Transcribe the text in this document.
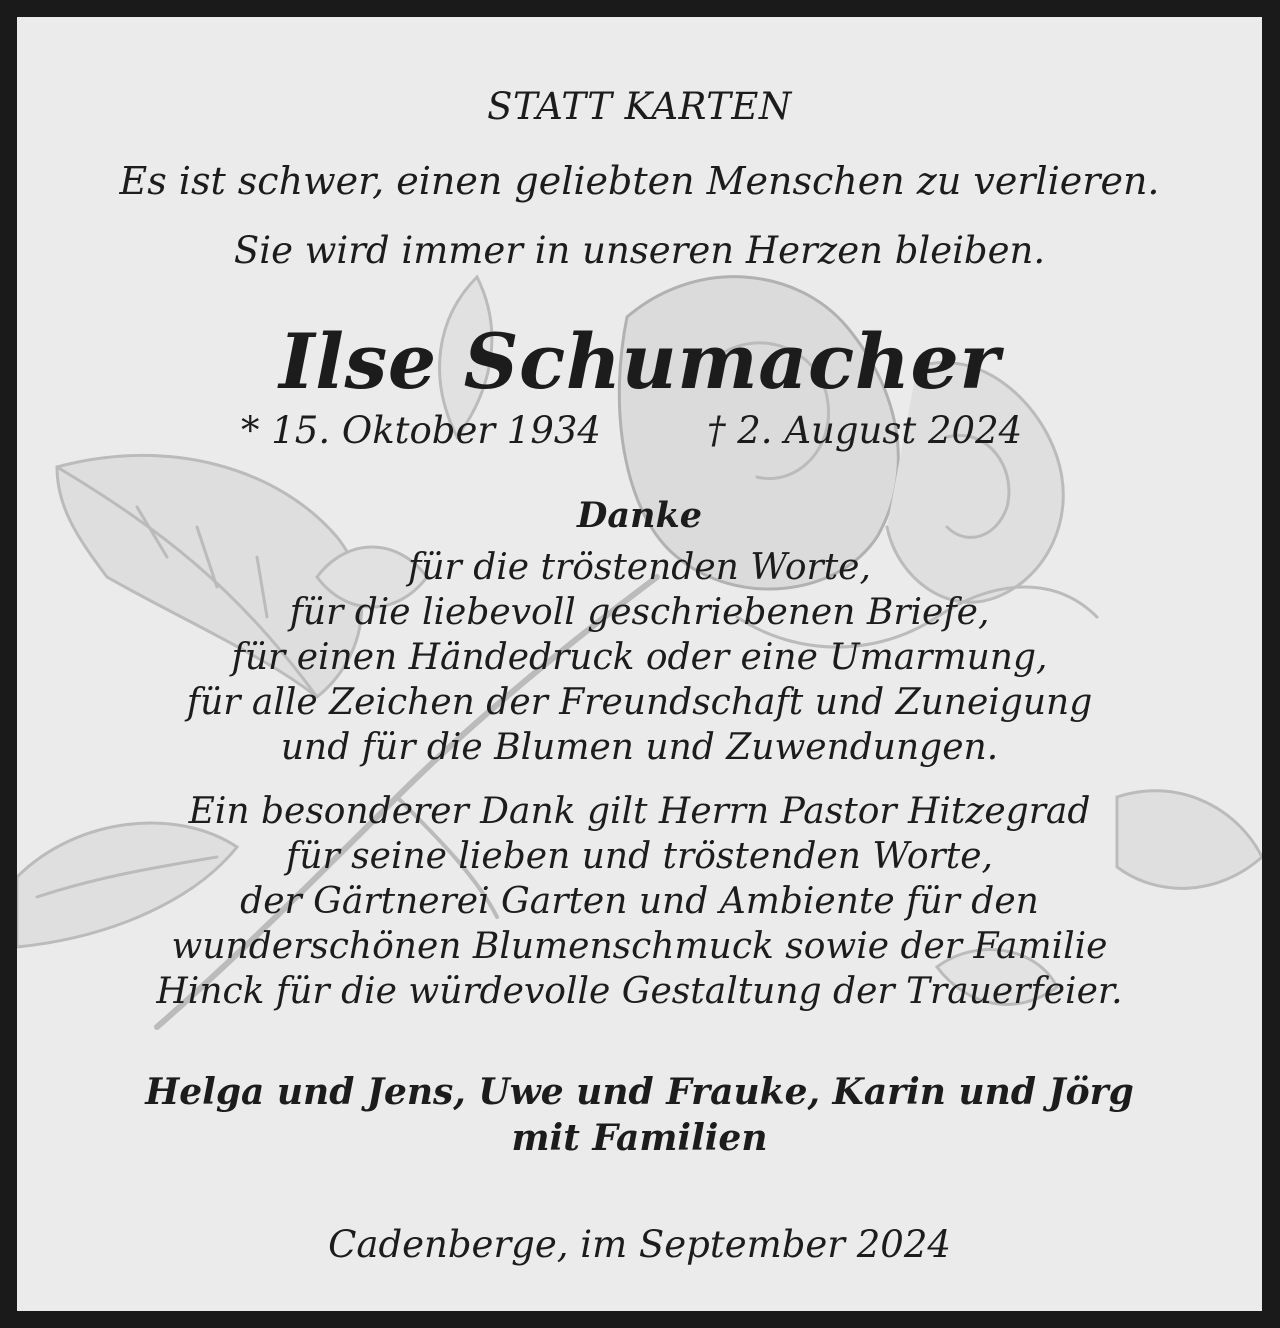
STATT KARTEN
Es ist schwer, einen geliebten Menschen zu verlieren.
Sie wird immer in unseren Herzen bleiben.
Ilse Schumacher
* 15. Oktober 1934	† 2. August 2024
Danke
für die tröstenden Worte,
für die liebevoll geschriebenen Briefe,
für einen Händedruck oder eine Umarmung,
für alle Zeichen der Freundschaft und Zuneigung
und für die Blumen und Zuwendungen.
Ein besonderer Dank gilt Herrn Pastor Hitzegrad
für seine lieben und tröstenden Worte,
der Gärtnerei Garten und Ambiente für den
wunderschönen Blumenschmuck sowie der Familie
Hinck für die würdevolle Gestaltung der Trauerfeier.
Helga und Jens, Uwe und Frauke, Karin und Jörg
mit Familien
Cadenberge, im September 2024
